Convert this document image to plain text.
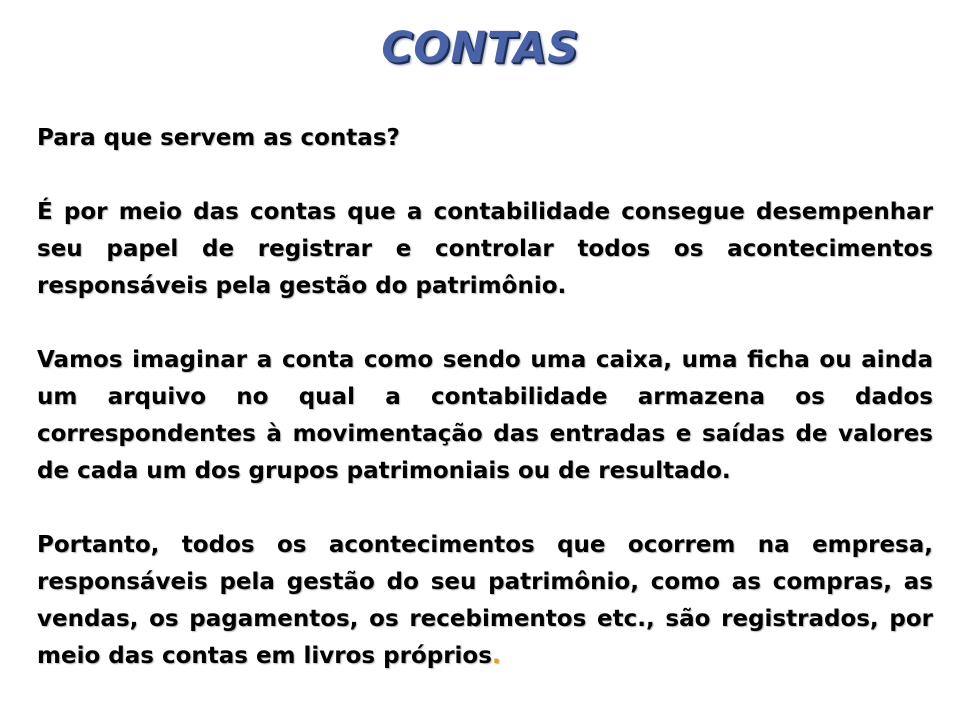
CONTAS

Para que servem as contas?

É por meio das contas que a contabilidade consegue desempenhar seu papel de registrar e controlar todos os acontecimentos responsáveis pela gestão do patrimônio.

Vamos imaginar a conta como sendo uma caixa, uma ficha ou ainda um arquivo no qual a contabilidade armazena os dados correspondentes à movimentação das entradas e saídas de valores de cada um dos grupos patrimoniais ou de resultado.

Portanto, todos os acontecimentos que ocorrem na empresa, responsáveis pela gestão do seu patrimônio, como as compras, as vendas, os pagamentos, os recebimentos etc., são registrados, por meio das contas em livros próprios.
